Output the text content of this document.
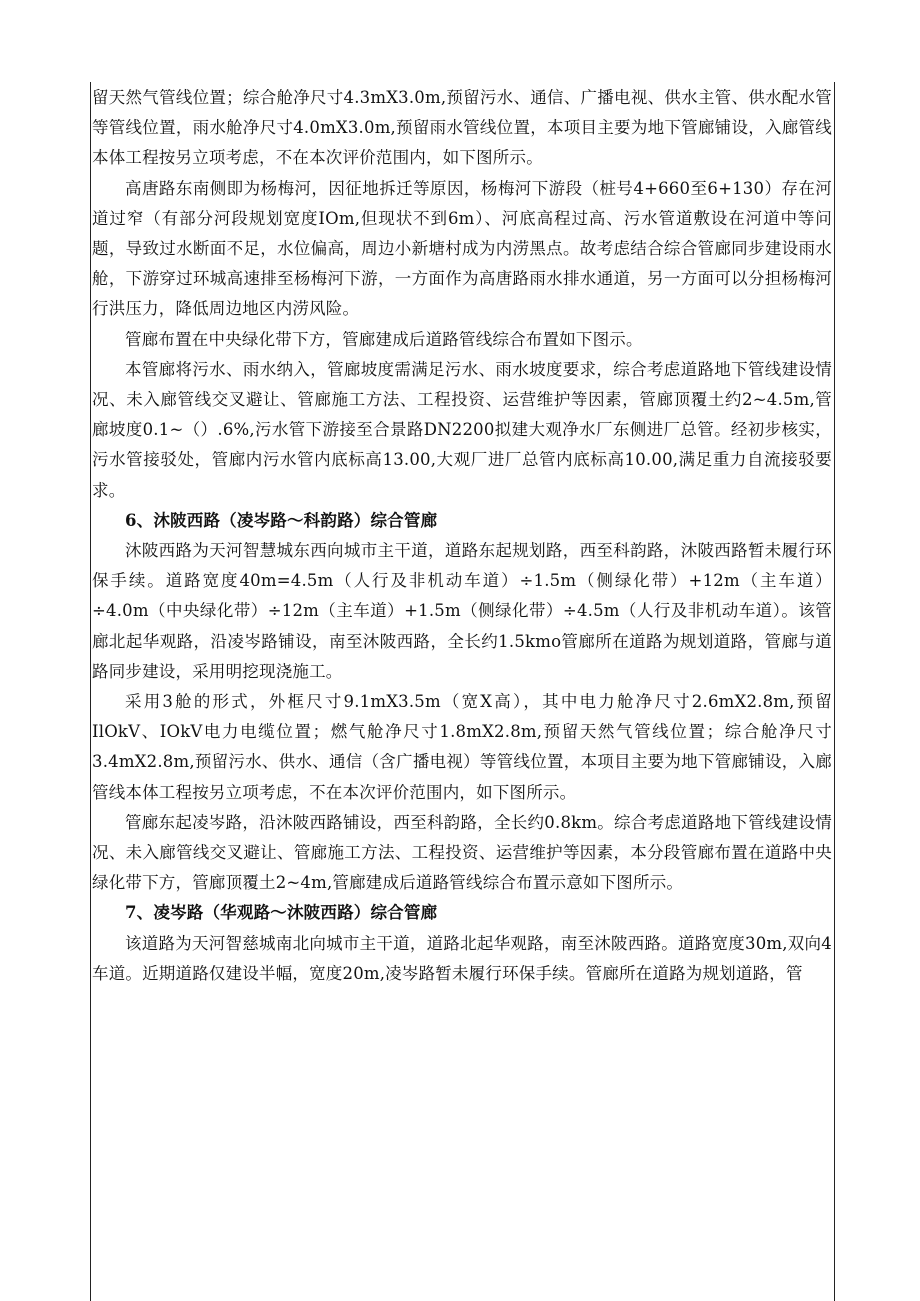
留天然气管线位置；综合舱净尺寸4.3mX3.0m,预留污水、通信、广播电视、供水主管、供水配水管等管线位置，雨水舱净尺寸4.0mX3.0m,预留雨水管线位置，本项目主要为地下管廊铺设，入廊管线本体工程按另立项考虑，不在本次评价范围内，如下图所示。

高唐路东南侧即为杨梅河，因征地拆迁等原因，杨梅河下游段（桩号4+660至6+130）存在河道过窄（有部分河段规划宽度IOm,但现状不到6m）、河底高程过高、污水管道敷设在河道中等问题，导致过水断面不足，水位偏高，周边小新塘村成为内涝黑点。故考虑结合综合管廊同步建设雨水舱，下游穿过环城高速排至杨梅河下游，一方面作为高唐路雨水排水通道，另一方面可以分担杨梅河行洪压力，降低周边地区内涝风险。

管廊布置在中央绿化带下方，管廊建成后道路管线综合布置如下图示。

本管廊将污水、雨水纳入，管廊坡度需满足污水、雨水坡度要求，综合考虑道路地下管线建设情况、未入廊管线交叉避让、管廊施工方法、工程投资、运营维护等因素，管廊顶覆土约2~4.5m,管廊坡度0.1~（）.6%,污水管下游接至合景路DN2200拟建大观净水厂东侧进厂总管。经初步核实，污水管接驳处，管廊内污水管内底标高13.00,大观厂进厂总管内底标高10.00,满足重力自流接驳要求。

6、沐陂西路（凌岑路～科韵路）综合管廊

沐陂西路为天河智慧城东西向城市主干道，道路东起规划路，西至科韵路，沐陂西路暂未履行环保手续。道路宽度40m=4.5m（人行及非机动车道）÷1.5m（侧绿化带）+12m（主车道）÷4.0m（中央绿化带）÷12m（主车道）+1.5m（侧绿化带）÷4.5m（人行及非机动车道）。该管廊北起华观路，沿凌岑路铺设，南至沐陂西路，全长约1.5kmo管廊所在道路为规划道路，管廊与道路同步建设，采用明挖现浇施工。

采用3舱的形式，外框尺寸9.1mX3.5m（宽X高），其中电力舱净尺寸2.6mX2.8m,预留IlOkV、IOkV电力电缆位置；燃气舱净尺寸1.8mX2.8m,预留天然气管线位置；综合舱净尺寸3.4mX2.8m,预留污水、供水、通信（含广播电视）等管线位置，本项目主要为地下管廊铺设，入廊管线本体工程按另立项考虑，不在本次评价范围内，如下图所示。

管廊东起凌岑路，沿沐陂西路铺设，西至科韵路，全长约0.8km。综合考虑道路地下管线建设情况、未入廊管线交叉避让、管廊施工方法、工程投资、运营维护等因素，本分段管廊布置在道路中央绿化带下方，管廊顶覆土2~4m,管廊建成后道路管线综合布置示意如下图所示。

7、凌岑路（华观路～沐陂西路）综合管廊

该道路为天河智慈城南北向城市主干道，道路北起华观路，南至沐陂西路。道路宽度30m,双向4车道。近期道路仅建设半幅，宽度20m,凌岑路暂未履行环保手续。管廊所在道路为规划道路，管
